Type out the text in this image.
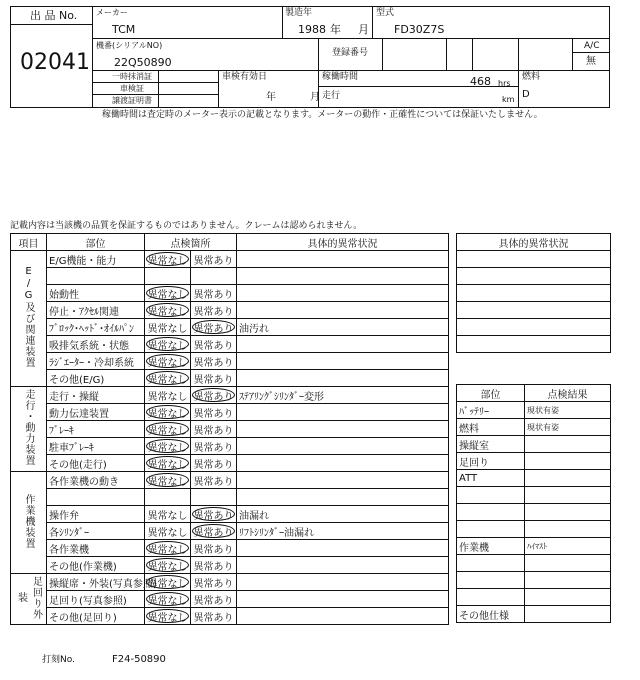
出 品 No.
02041
メーカー
TCM
製造年
1988 年 月
型式
FD30Z7S
機番(シリアルNO)
22Q50890
登録番号
A/C
無
一時抹消証
車検証
譲渡証明書
車検有効日
年	月
稼働時間	468 hrs
走行	km
燃料
D
稼働時間は査定時のメーター表示の記載となります。メーターの動作・正確性については保証いたしません。
記載内容は当該機の品質を保証するものではありません。クレームは認められません。
項目	部位	点検箇所		具体的異常状況
E/G及び関連装置	E/G機能・能力	異常なし	異常あり	

	始動性	異常なし	異常あり	
	停止・ｱｸｾﾙ関連	異常なし	異常あり	
	ﾌﾞﾛｯｸ･ﾍｯﾄﾞ･ｵｲﾙﾊﾟﾝ	異常なし	異常あり	油汚れ
	吸排気系統・状態	異常なし	異常あり	
	ﾗｼﾞｴｰﾀｰ・冷却系統	異常なし	異常あり	
	その他(E/G)	異常なし	異常あり	
走行・動力装置	走行・操縦	異常なし	異常あり	ｽﾃｱﾘﾝｸﾞｼﾘﾝﾀﾞｰ変形
	動力伝達装置	異常なし	異常あり	
	ﾌﾞﾚｰｷ	異常なし	異常あり	
	駐車ﾌﾞﾚｰｷ	異常なし	異常あり	
	その他(走行)	異常なし	異常あり	
作業機装置	各作業機の動き	異常なし	異常あり	

	操作弁	異常なし	異常あり	油漏れ
	各ｼﾘﾝﾀﾞｰ	異常なし	異常あり	ﾘﾌﾄｼﾘﾝﾀﾞｰ油漏れ
	各作業機	異常なし	異常あり	
	その他(作業機)	異常なし	異常あり	
足回り外装	操縦席・外装(写真参照)	異常なし	異常あり	
	足回り(写真参照)	異常なし	異常あり	
	その他(足回り)	異常なし	異常あり	
具体的異常状況

部位	点検結果
ﾊﾞｯﾃﾘｰ	現状有姿
燃料	現状有姿
操縦室	
足回り	
ATT	

作業機	ﾊｲﾏｽﾄ

その他仕様	
打刻No.	F24-50890
